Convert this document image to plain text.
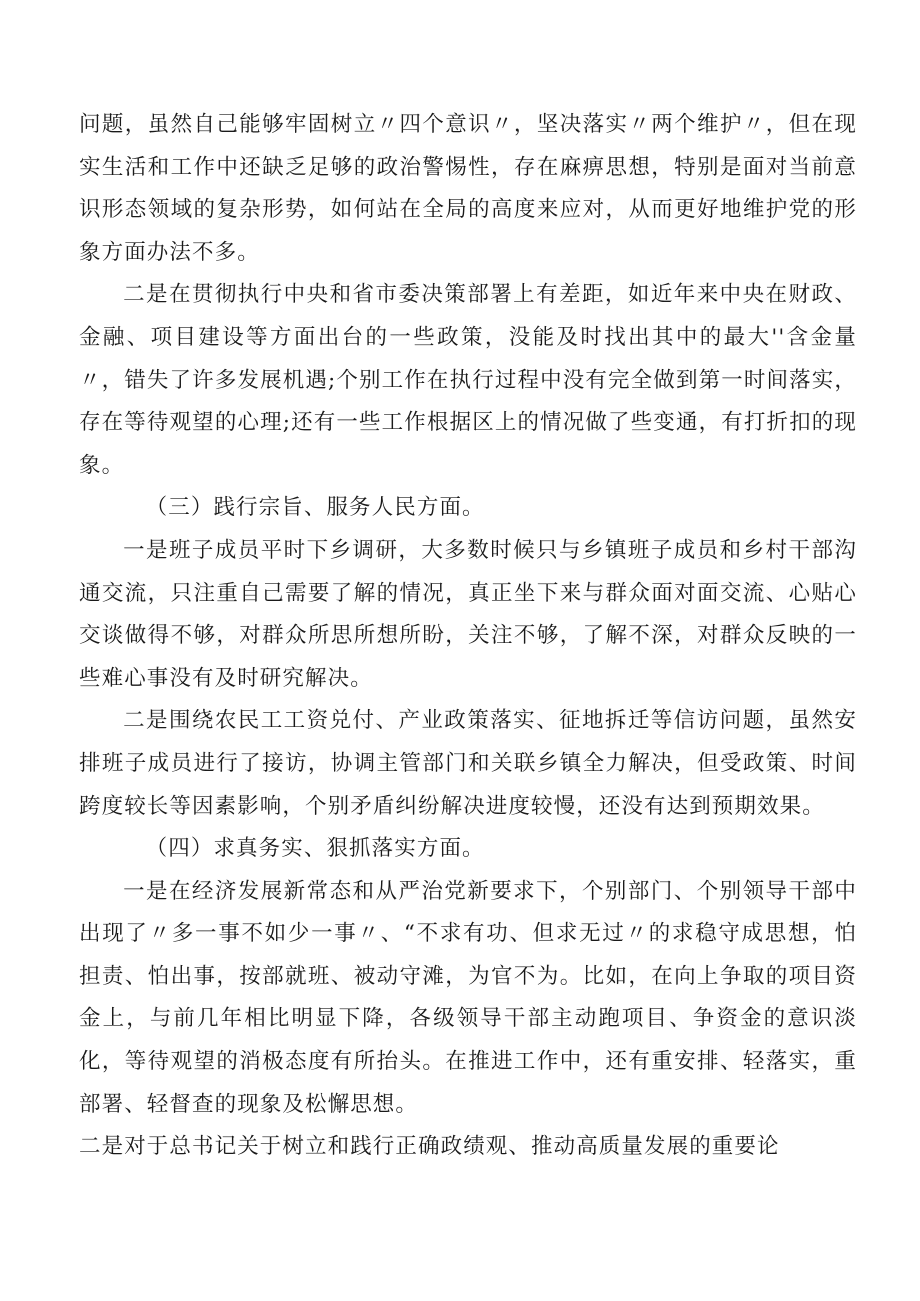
问题，虽然自己能够牢固树立〃四个意识〃，坚决落实〃两个维护〃，但在现实生活和工作中还缺乏足够的政治警惕性，存在麻痹思想，特别是面对当前意识形态领域的复杂形势，如何站在全局的高度来应对，从而更好地维护党的形象方面办法不多。

二是在贯彻执行中央和省市委决策部署上有差距，如近年来中央在财政、金融、项目建设等方面出台的一些政策，没能及时找出其中的最大''含金量〃，错失了许多发展机遇;个别工作在执行过程中没有完全做到第一时间落实，存在等待观望的心理;还有一些工作根据区上的情况做了些变通，有打折扣的现象。

（三）践行宗旨、服务人民方面。

一是班子成员平时下乡调研，大多数时候只与乡镇班子成员和乡村干部沟通交流，只注重自己需要了解的情况，真正坐下来与群众面对面交流、心贴心交谈做得不够，对群众所思所想所盼，关注不够，了解不深，对群众反映的一些难心事没有及时研究解决。

二是围绕农民工工资兑付、产业政策落实、征地拆迁等信访问题，虽然安排班子成员进行了接访，协调主管部门和关联乡镇全力解决，但受政策、时间跨度较长等因素影响，个别矛盾纠纷解决进度较慢，还没有达到预期效果。

（四）求真务实、狠抓落实方面。

一是在经济发展新常态和从严治党新要求下，个别部门、个别领导干部中出现了〃多一事不如少一事〃、“不求有功、但求无过〃的求稳守成思想，怕担责、怕出事，按部就班、被动守滩，为官不为。比如，在向上争取的项目资金上，与前几年相比明显下降，各级领导干部主动跑项目、争资金的意识淡化，等待观望的消极态度有所抬头。在推进工作中，还有重安排、轻落实，重部署、轻督查的现象及松懈思想。

二是对于总书记关于树立和践行正确政绩观、推动高质量发展的重要论
